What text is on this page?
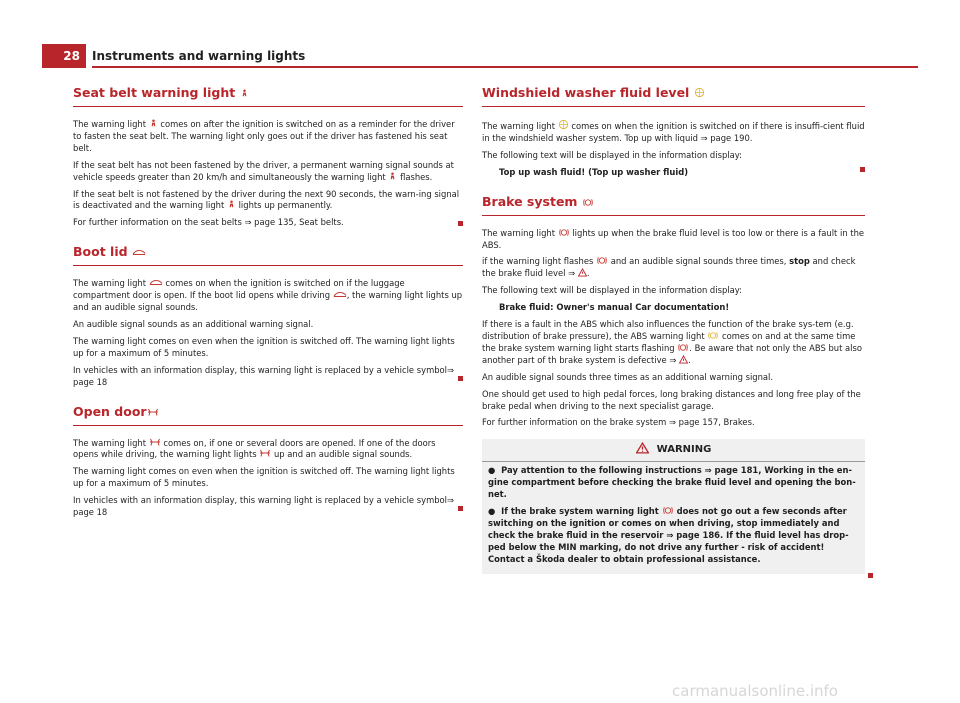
28	Instruments and warning lights
Seat belt warning light

The warning light comes on after the ignition is switched on as a reminder for the driver to fasten the seat belt. The warning light only goes out if the driver has fastened his seat belt.

If the seat belt has not been fastened by the driver, a permanent warning signal sounds at vehicle speeds greater than 20 km/h and simultaneously the warning light flashes.

If the seat belt is not fastened by the driver during the next 90 seconds, the warn-ing signal is deactivated and the warning light lights up permanently.

For further information on the seat belts ⇒ page 135, Seat belts.

Boot lid

The warning light comes on when the ignition is switched on if the luggage compartment door is open. If the boot lid opens while driving , the warning light lights up and an audible signal sounds.

An audible signal sounds as an additional warning signal.

The warning light comes on even when the ignition is switched off. The warning light lights up for a maximum of 5 minutes.

In vehicles with an information display, this warning light is replaced by a vehicle symbol⇒ page 18

Open door

The warning light comes on, if one or several doors are opened. If one of the doors opens while driving, the warning light lights up and an audible signal sounds.

The warning light comes on even when the ignition is switched off. The warning light lights up for a maximum of 5 minutes.

In vehicles with an information display, this warning light is replaced by a vehicle symbol⇒ page 18

Windshield washer fluid level

The warning light comes on when the ignition is switched on if there is insuffi-cient fluid in the windshield washer system. Top up with liquid ⇒ page 190.

The following text will be displayed in the information display:

Top up wash fluid! (Top up washer fluid)

Brake system

The warning light lights up when the brake fluid level is too low or there is a fault in the ABS.

if the warning light flashes and an audible signal sounds three times, stop and check the brake fluid level ⇒ .

The following text will be displayed in the information display:

Brake fluid: Owner's manual Car documentation!

If there is a fault in the ABS which also influences the function of the brake sys-tem (e.g. distribution of brake pressure), the ABS warning light comes on and at the same time the brake system warning light starts flashing . Be aware that not only the ABS but also another part of th brake system is defective ⇒ .

An audible signal sounds three times as an additional warning signal.

One should get used to high pedal forces, long braking distances and long free play of the brake pedal when driving to the next specialist garage.

For further information on the brake system ⇒ page 157, Brakes.

WARNING

●  Pay attention to the following instructions ⇒ page 181, Working in the en-gine compartment before checking the brake fluid level and opening the bon-net.

●  If the brake system warning light does not go out a few seconds after switching on the ignition or comes on when driving, stop immediately and check the brake fluid in the reservoir ⇒ page 186. If the fluid level has drop-ped below the MIN marking, do not drive any further - risk of accident! Contact a Škoda dealer to obtain professional assistance.

carmanualsonline.info
